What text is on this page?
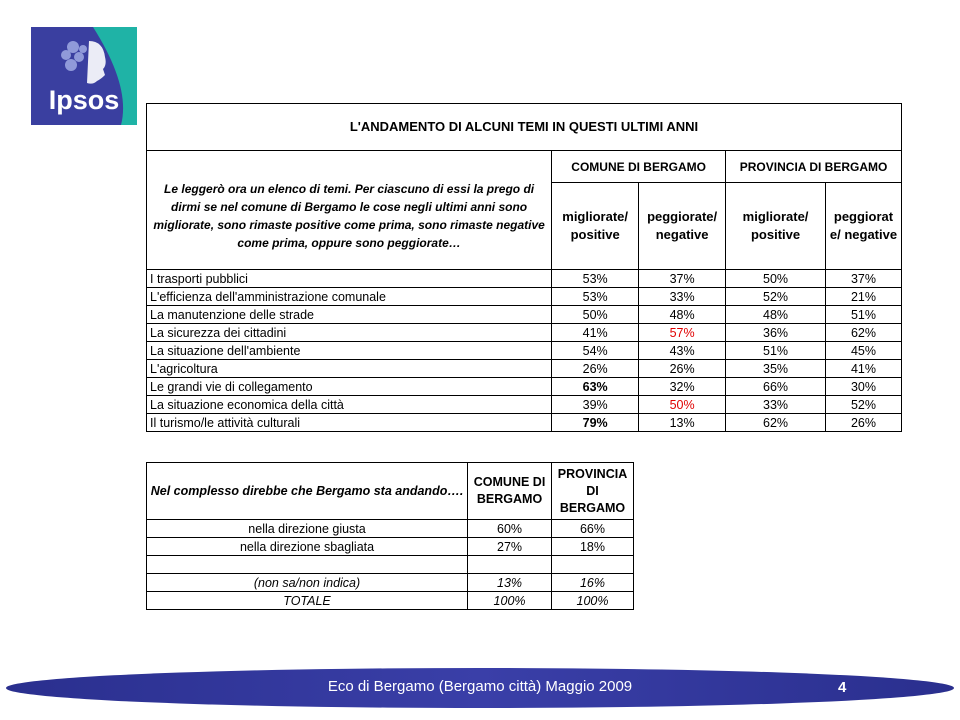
Ipsos
L'ANDAMENTO DI ALCUNI TEMI IN QUESTI ULTIMI ANNI				
Le leggerò ora un elenco di temi. Per ciascuno di essi la prego di dirmi se nel comune di Bergamo le cose negli ultimi anni sono migliorate, sono rimaste positive come prima, sono rimaste negative come prima, oppure sono peggiorate…	COMUNE DI BERGAMO		PROVINCIA DI BERGAMO	
	migliorate/ positive	peggiorate/ negative	migliorate/ positive	peggiorat e/ negative
I trasporti pubblici	53%	37%	50%	37%
L'efficienza dell'amministrazione comunale	53%	33%	52%	21%
La manutenzione delle strade	50%	48%	48%	51%
La sicurezza dei cittadini	41%	57%	36%	62%
La situazione dell'ambiente	54%	43%	51%	45%
L'agricoltura	26%	26%	35%	41%
Le grandi vie di collegamento	63%	32%	66%	30%
La situazione economica della città	39%	50%	33%	52%
Il turismo/le attività culturali	79%	13%	62%	26%
Nel complesso direbbe che Bergamo sta andando….	COMUNE DI BERGAMO	PROVINCIA DI BERGAMO
nella direzione giusta	60%	66%
nella direzione sbagliata	27%	18%

(non sa/non indica)	13%	16%
TOTALE	100%	100%
Eco di Bergamo (Bergamo città) Maggio 2009	4
